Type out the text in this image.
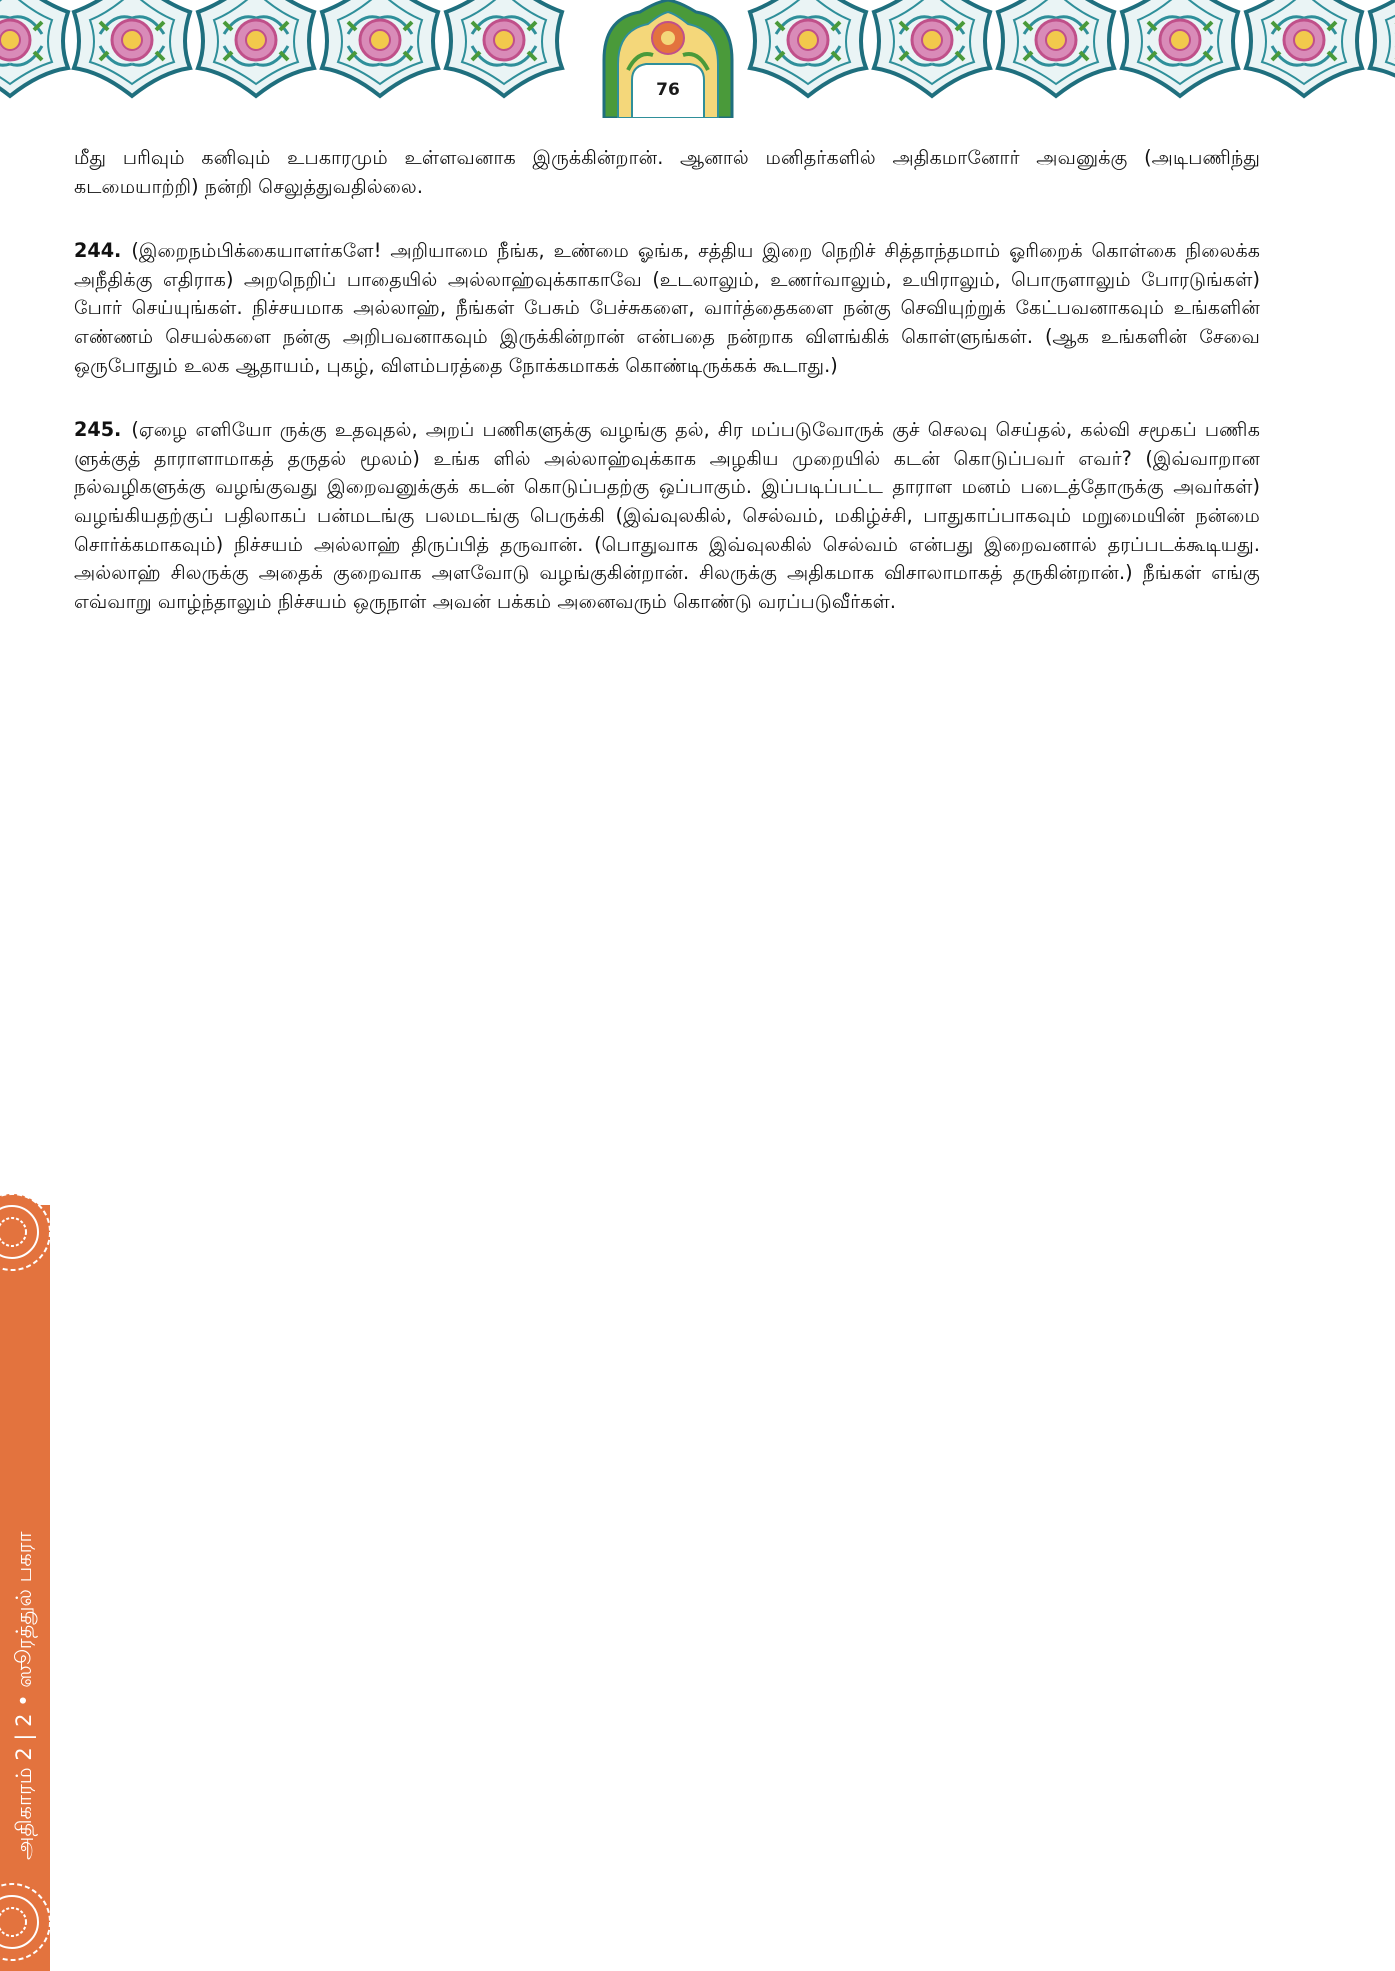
76

மீது பரிவும் கனிவும் உபகாரமும் உள்ளவனாக இருக்கின்றான். ஆனால் மனிதர்களில் அதிகமானோர் அவனுக்கு (அடிபணிந்து கடமையாற்றி) நன்றி செலுத்துவதில்லை.

244. (இறைநம்பிக்கையாளர்களே! அறியாமை நீங்க, உண்மை ஓங்க, சத்திய இறை நெறிச் சித்தாந்தமாம் ஓரிறைக் கொள்கை நிலைக்க அநீதிக்கு எதிராக) அறநெறிப் பாதையில் அல்லாஹ்வுக்காகாவே (உடலாலும், உணர்வாலும், உயிராலும், பொருளாலும் போரடுங்கள்) போர் செய்யுங்கள். நிச்சயமாக அல்லாஹ், நீங்கள் பேசும் பேச்சுகளை, வார்த்தைகளை நன்கு செவியுற்றுக் கேட்பவனாகவும் உங்களின் எண்ணம் செயல்களை நன்கு அறிபவனாகவும் இருக்கின்றான் என்பதை நன்றாக விளங்கிக் கொள்ளுங்கள். (ஆக உங்களின் சேவை ஒருபோதும் உலக ஆதாயம், புகழ், விளம்பரத்தை நோக்கமாகக் கொண்டிருக்கக் கூடாது.)

245. (ஏழை எளியோ ருக்கு உதவுதல், அறப் பணிகளுக்கு வழங்கு தல், சிர மப்படுவோருக் குச் செலவு செய்தல், கல்வி சமூகப் பணிக ளுக்குத் தாராளாமாகத் தருதல் மூலம்) உங்க ளில் அல்லாஹ்வுக்காக அழகிய முறையில் கடன் கொடுப்பவர் எவர்? (இவ்வாறான நல்வழிகளுக்கு வழங்குவது இறைவனுக்குக் கடன் கொடுப்பதற்கு ஒப்பாகும். இப்படிப்பட்ட தாராள மனம் படைத்தோருக்கு அவர்கள்) வழங்கியதற்குப் பதிலாகப் பன்மடங்கு பலமடங்கு பெருக்கி (இவ்வுலகில், செல்வம், மகிழ்ச்சி, பாதுகாப்பாகவும் மறுமையின் நன்மை சொர்க்கமாகவும்) நிச்சயம் அல்லாஹ் திருப்பித் தருவான். (பொதுவாக இவ்வுலகில் செல்வம் என்பது இறைவனால் தரப்படக்கூடியது. அல்லாஹ் சிலருக்கு அதைக் குறைவாக அளவோடு வழங்குகின்றான். சிலருக்கு அதிகமாக விசாலாமாகத் தருகின்றான்.) நீங்கள் எங்கு எவ்வாறு வாழ்ந்தாலும் நிச்சயம் ஒருநாள் அவன் பக்கம் அனைவரும் கொண்டு வரப்படுவீர்கள்.

அதிகாரம் 2 | 2 • ஸூரத்துல் பகரா
